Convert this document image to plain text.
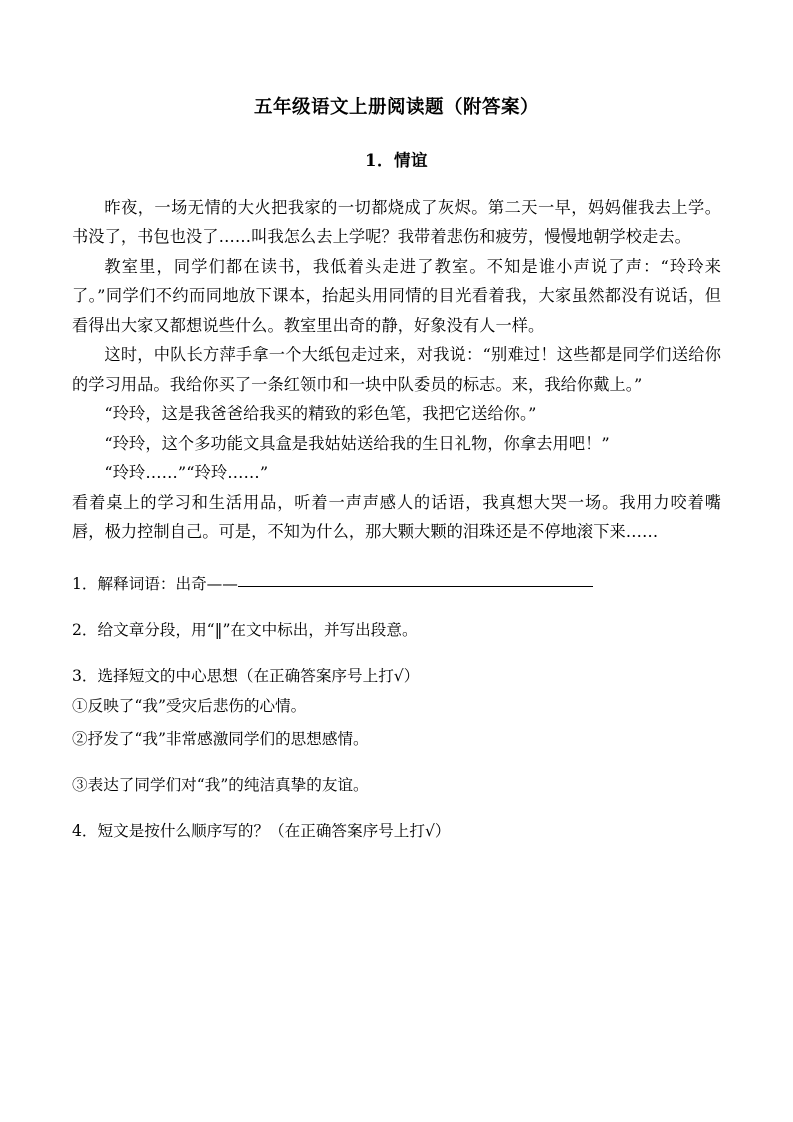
五年级语文上册阅读题（附答案）
1．情谊

昨夜，一场无情的大火把我家的一切都烧成了灰烬。第二天一早，妈妈催我去上学。书没了，书包也没了……叫我怎么去上学呢？我带着悲伤和疲劳，慢慢地朝学校走去。

教室里，同学们都在读书，我低着头走进了教室。不知是谁小声说了声：“玲玲来了。”同学们不约而同地放下课本，抬起头用同情的目光看着我，大家虽然都没有说话，但看得出大家又都想说些什么。教室里出奇的静，好象没有人一样。

这时，中队长方萍手拿一个大纸包走过来，对我说：“别难过！这些都是同学们送给你的学习用品。我给你买了一条红领巾和一块中队委员的标志。来，我给你戴上。”

“玲玲，这是我爸爸给我买的精致的彩色笔，我把它送给你。”

“玲玲，这个多功能文具盒是我姑姑送给我的生日礼物，你拿去用吧！”

“玲玲……”“玲玲……”

看着桌上的学习和生活用品，听着一声声感人的话语，我真想大哭一场。我用力咬着嘴唇，极力控制自己。可是，不知为什么，那大颗大颗的泪珠还是不停地滚下来……

1．解释词语：出奇——
2．给文章分段，用“‖”在文中标出，并写出段意。
3．选择短文的中心思想（在正确答案序号上打√）
①反映了“我”受灾后悲伤的心情。
②抒发了“我”非常感激同学们的思想感情。
③表达了同学们对“我”的纯洁真挚的友谊。
4．短文是按什么顺序写的？（在正确答案序号上打√）
